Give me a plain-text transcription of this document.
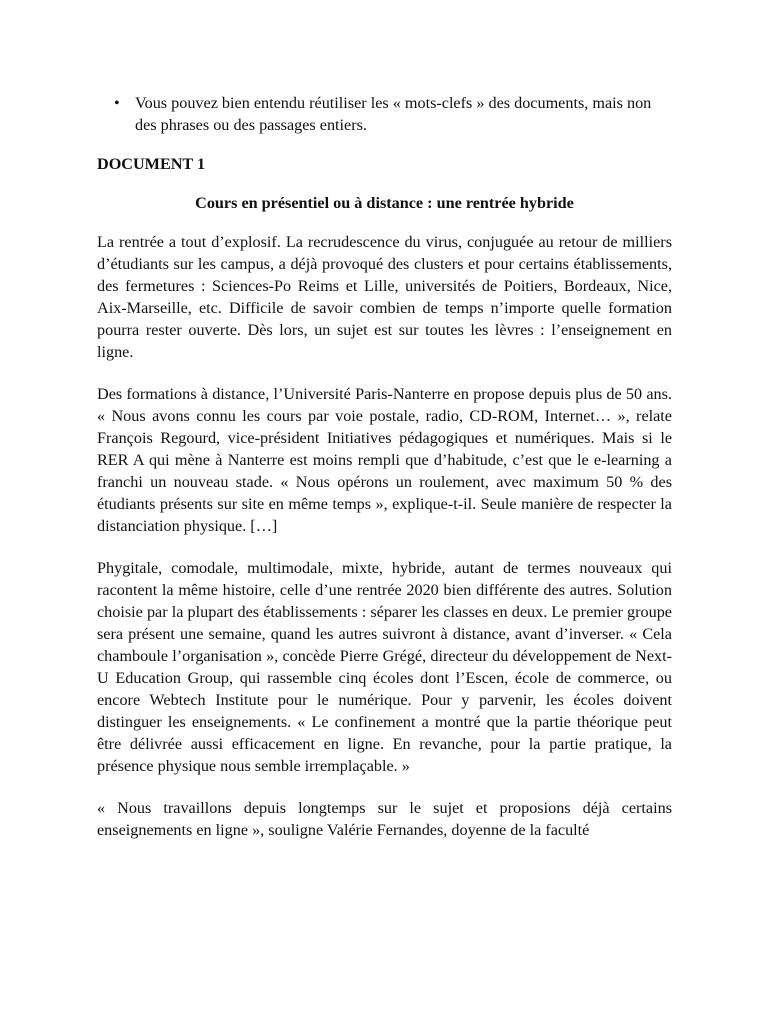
• Vous pouvez bien entendu réutiliser les « mots-clefs » des documents, mais non des phrases ou des passages entiers.
DOCUMENT 1
Cours en présentiel ou à distance : une rentrée hybride

La rentrée a tout d’explosif. La recrudescence du virus, conjuguée au retour de milliers d’étudiants sur les campus, a déjà provoqué des clusters et pour certains établissements, des fermetures : Sciences-Po Reims et Lille, universités de Poitiers, Bordeaux, Nice, Aix-Marseille, etc. Difficile de savoir combien de temps n’importe quelle formation pourra rester ouverte. Dès lors, un sujet est sur toutes les lèvres : l’enseignement en ligne.

Des formations à distance, l’Université Paris-Nanterre en propose depuis plus de 50 ans. « Nous avons connu les cours par voie postale, radio, CD-ROM, Internet… », relate François Regourd, vice-président Initiatives pédagogiques et numériques. Mais si le RER A qui mène à Nanterre est moins rempli que d’habitude, c’est que le e-learning a franchi un nouveau stade. « Nous opérons un roulement, avec maximum 50 % des étudiants présents sur site en même temps », explique-t-il. Seule manière de respecter la distanciation physique. […]

Phygitale, comodale, multimodale, mixte, hybride, autant de termes nouveaux qui racontent la même histoire, celle d’une rentrée 2020 bien différente des autres. Solution choisie par la plupart des établissements : séparer les classes en deux. Le premier groupe sera présent une semaine, quand les autres suivront à distance, avant d’inverser. « Cela chamboule l’organisation », concède Pierre Grégé, directeur du développement de Next-U Education Group, qui rassemble cinq écoles dont l’Escen, école de commerce, ou encore Webtech Institute pour le numérique. Pour y parvenir, les écoles doivent distinguer les enseignements. « Le confinement a montré que la partie théorique peut être délivrée aussi efficacement en ligne. En revanche, pour la partie pratique, la présence physique nous semble irremplaçable. »

« Nous travaillons depuis longtemps sur le sujet et proposions déjà certains enseignements en ligne », souligne Valérie Fernandes, doyenne de la faculté
